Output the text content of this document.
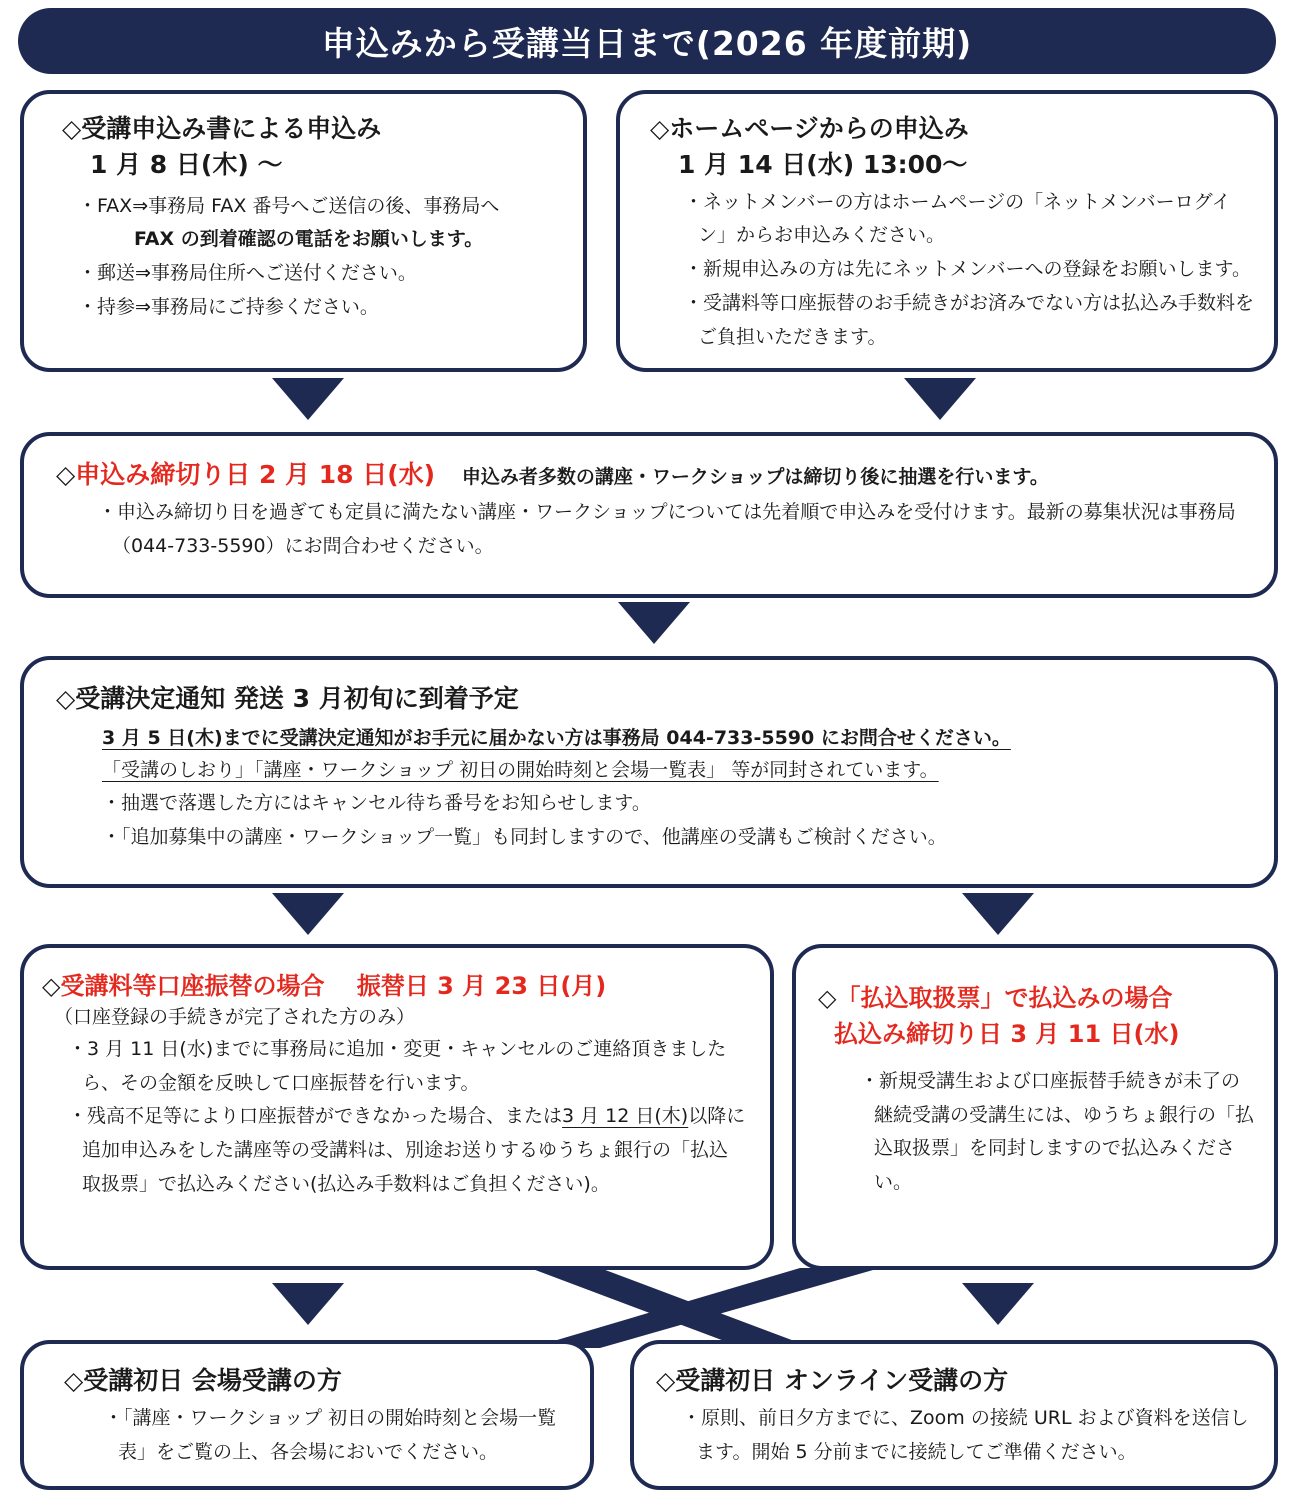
申込みから受講当日まで(2026 年度前期)
◇受講申込み書による申込み
1 月 8 日(木) ～
・FAX⇒事務局 FAX 番号へご送信の後、事務局へ
FAX の到着確認の電話をお願いします。
・郵送⇒事務局住所へご送付ください。
・持参⇒事務局にご持参ください。
◇ホームページからの申込み
1 月 14 日(水) 13:00～
・ネットメンバーの方はホームページの「ネットメンバーログイン」からお申込みください。
・新規申込みの方は先にネットメンバーへの登録をお願いします。
・受講料等口座振替のお手続きがお済みでない方は払込み手数料をご負担いただきます。
◇申込み締切り日 2 月 18 日(水) 申込み者多数の講座・ワークショップは締切り後に抽選を行います。
・申込み締切り日を過ぎても定員に満たない講座・ワークショップについては先着順で申込みを受付けます。最新の募集状況は事務局（044-733-5590）にお問合わせください。
◇受講決定通知 発送 3 月初旬に到着予定
3 月 5 日(木)までに受講決定通知がお手元に届かない方は事務局 044-733-5590 にお問合せください。
「受講のしおり」「講座・ワークショップ 初日の開始時刻と会場一覧表」 等が同封されています。
・抽選で落選した方にはキャンセル待ち番号をお知らせします。
・「追加募集中の講座・ワークショップ一覧」も同封しますので、他講座の受講もご検討ください。
◇受講料等口座振替の場合　 振替日 3 月 23 日(月)
（口座登録の手続きが完了された方のみ）
・3 月 11 日(水)までに事務局に追加・変更・キャンセルのご連絡頂きましたら、その金額を反映して口座振替を行います。
・残高不足等により口座振替ができなかった場合、または3 月 12 日(木)以降に追加申込みをした講座等の受講料は、別途お送りするゆうちょ銀行の「払込取扱票」で払込みください(払込み手数料はご負担ください)。
◇「払込取扱票」で払込みの場合
払込み締切り日 3 月 11 日(水)
・新規受講生および口座振替手続きが未了の継続受講の受講生には、ゆうちょ銀行の「払込取扱票」を同封しますので払込みください。
◇受講初日 会場受講の方
・「講座・ワークショップ 初日の開始時刻と会場一覧表」をご覧の上、各会場においでください。
◇受講初日 オンライン受講の方
・原則、前日夕方までに、Zoom の接続 URL および資料を送信します。開始 5 分前までに接続してご準備ください。
